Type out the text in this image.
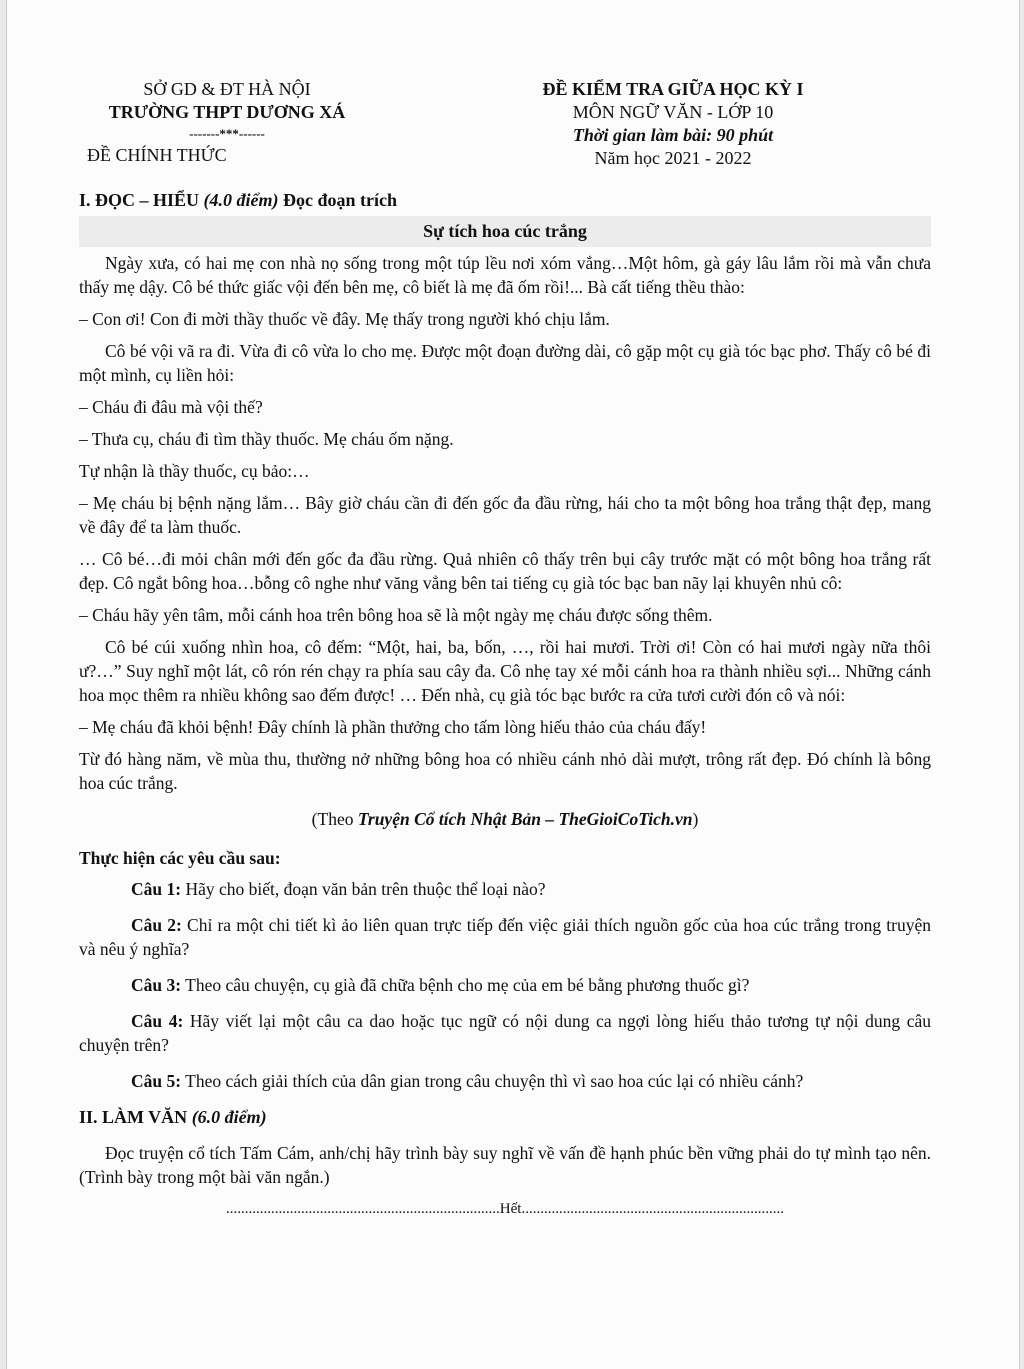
SỞ GD & ĐT HÀ NỘI
TRƯỜNG THPT DƯƠNG XÁ
-------***------
ĐỀ CHÍNH THỨC
ĐỀ KIỂM TRA GIỮA HỌC KỲ I
MÔN NGỮ VĂN - LỚP 10
Thời gian làm bài: 90 phút
Năm học 2021 - 2022
I. ĐỌC – HIỂU (4.0 điểm) Đọc đoạn trích
Sự tích hoa cúc trắng

Ngày xưa, có hai mẹ con nhà nọ sống trong một túp lều nơi xóm vắng…Một hôm, gà gáy lâu lắm rồi mà vẫn chưa thấy mẹ dậy. Cô bé thức giấc vội đến bên mẹ, cô biết là mẹ đã ốm rồi!... Bà cất tiếng thều thào:

– Con ơi! Con đi mời thầy thuốc về đây. Mẹ thấy trong người khó chịu lắm.

Cô bé vội vã ra đi. Vừa đi cô vừa lo cho mẹ. Được một đoạn đường dài, cô gặp một cụ già tóc bạc phơ. Thấy cô bé đi một mình, cụ liền hỏi:

– Cháu đi đâu mà vội thế?

– Thưa cụ, cháu đi tìm thầy thuốc. Mẹ cháu ốm nặng.

Tự nhận là thầy thuốc, cụ bảo:…

– Mẹ cháu bị bệnh nặng lắm… Bây giờ cháu cần đi đến gốc đa đầu rừng, hái cho ta một bông hoa trắng thật đẹp, mang về đây để ta làm thuốc.

… Cô bé…đi mỏi chân mới đến gốc đa đầu rừng. Quả nhiên cô thấy trên bụi cây trước mặt có một bông hoa trắng rất đẹp. Cô ngắt bông hoa…bỗng cô nghe như văng vẳng bên tai tiếng cụ già tóc bạc ban nãy lại khuyên nhủ cô:

– Cháu hãy yên tâm, mỗi cánh hoa trên bông hoa sẽ là một ngày mẹ cháu được sống thêm.

Cô bé cúi xuống nhìn hoa, cô đếm: “Một, hai, ba, bốn, …, rồi hai mươi. Trời ơi! Còn có hai mươi ngày nữa thôi ư?…” Suy nghĩ một lát, cô rón rén chạy ra phía sau cây đa. Cô nhẹ tay xé mỗi cánh hoa ra thành nhiều sợi... Những cánh hoa mọc thêm ra nhiều không sao đếm được! … Đến nhà, cụ già tóc bạc bước ra cửa tươi cười đón cô và nói:

– Mẹ cháu đã khỏi bệnh! Đây chính là phần thưởng cho tấm lòng hiếu thảo của cháu đấy!

Từ đó hàng năm, về mùa thu, thường nở những bông hoa có nhiều cánh nhỏ dài mượt, trông rất đẹp. Đó chính là bông hoa cúc trắng.

(Theo Truyện Cổ tích Nhật Bản – TheGioiCoTich.vn)
Thực hiện các yêu cầu sau:

Câu 1: Hãy cho biết, đoạn văn bản trên thuộc thể loại nào?

Câu 2: Chỉ ra một chi tiết kì ảo liên quan trực tiếp đến việc giải thích nguồn gốc của hoa cúc trắng trong truyện và nêu ý nghĩa?

Câu 3: Theo câu chuyện, cụ già đã chữa bệnh cho mẹ của em bé bằng phương thuốc gì?

Câu 4: Hãy viết lại một câu ca dao hoặc tục ngữ có nội dung ca ngợi lòng hiếu thảo tương tự nội dung câu chuyện trên?

Câu 5: Theo cách giải thích của dân gian trong câu chuyện thì vì sao hoa cúc lại có nhiều cánh?

II. LÀM VĂN (6.0 điểm)

Đọc truyện cổ tích Tấm Cám, anh/chị hãy trình bày suy nghĩ về vấn đề hạnh phúc bền vững phải do tự mình tạo nên. (Trình bày trong một bài văn ngắn.)

.........................................................................Hết......................................................................
